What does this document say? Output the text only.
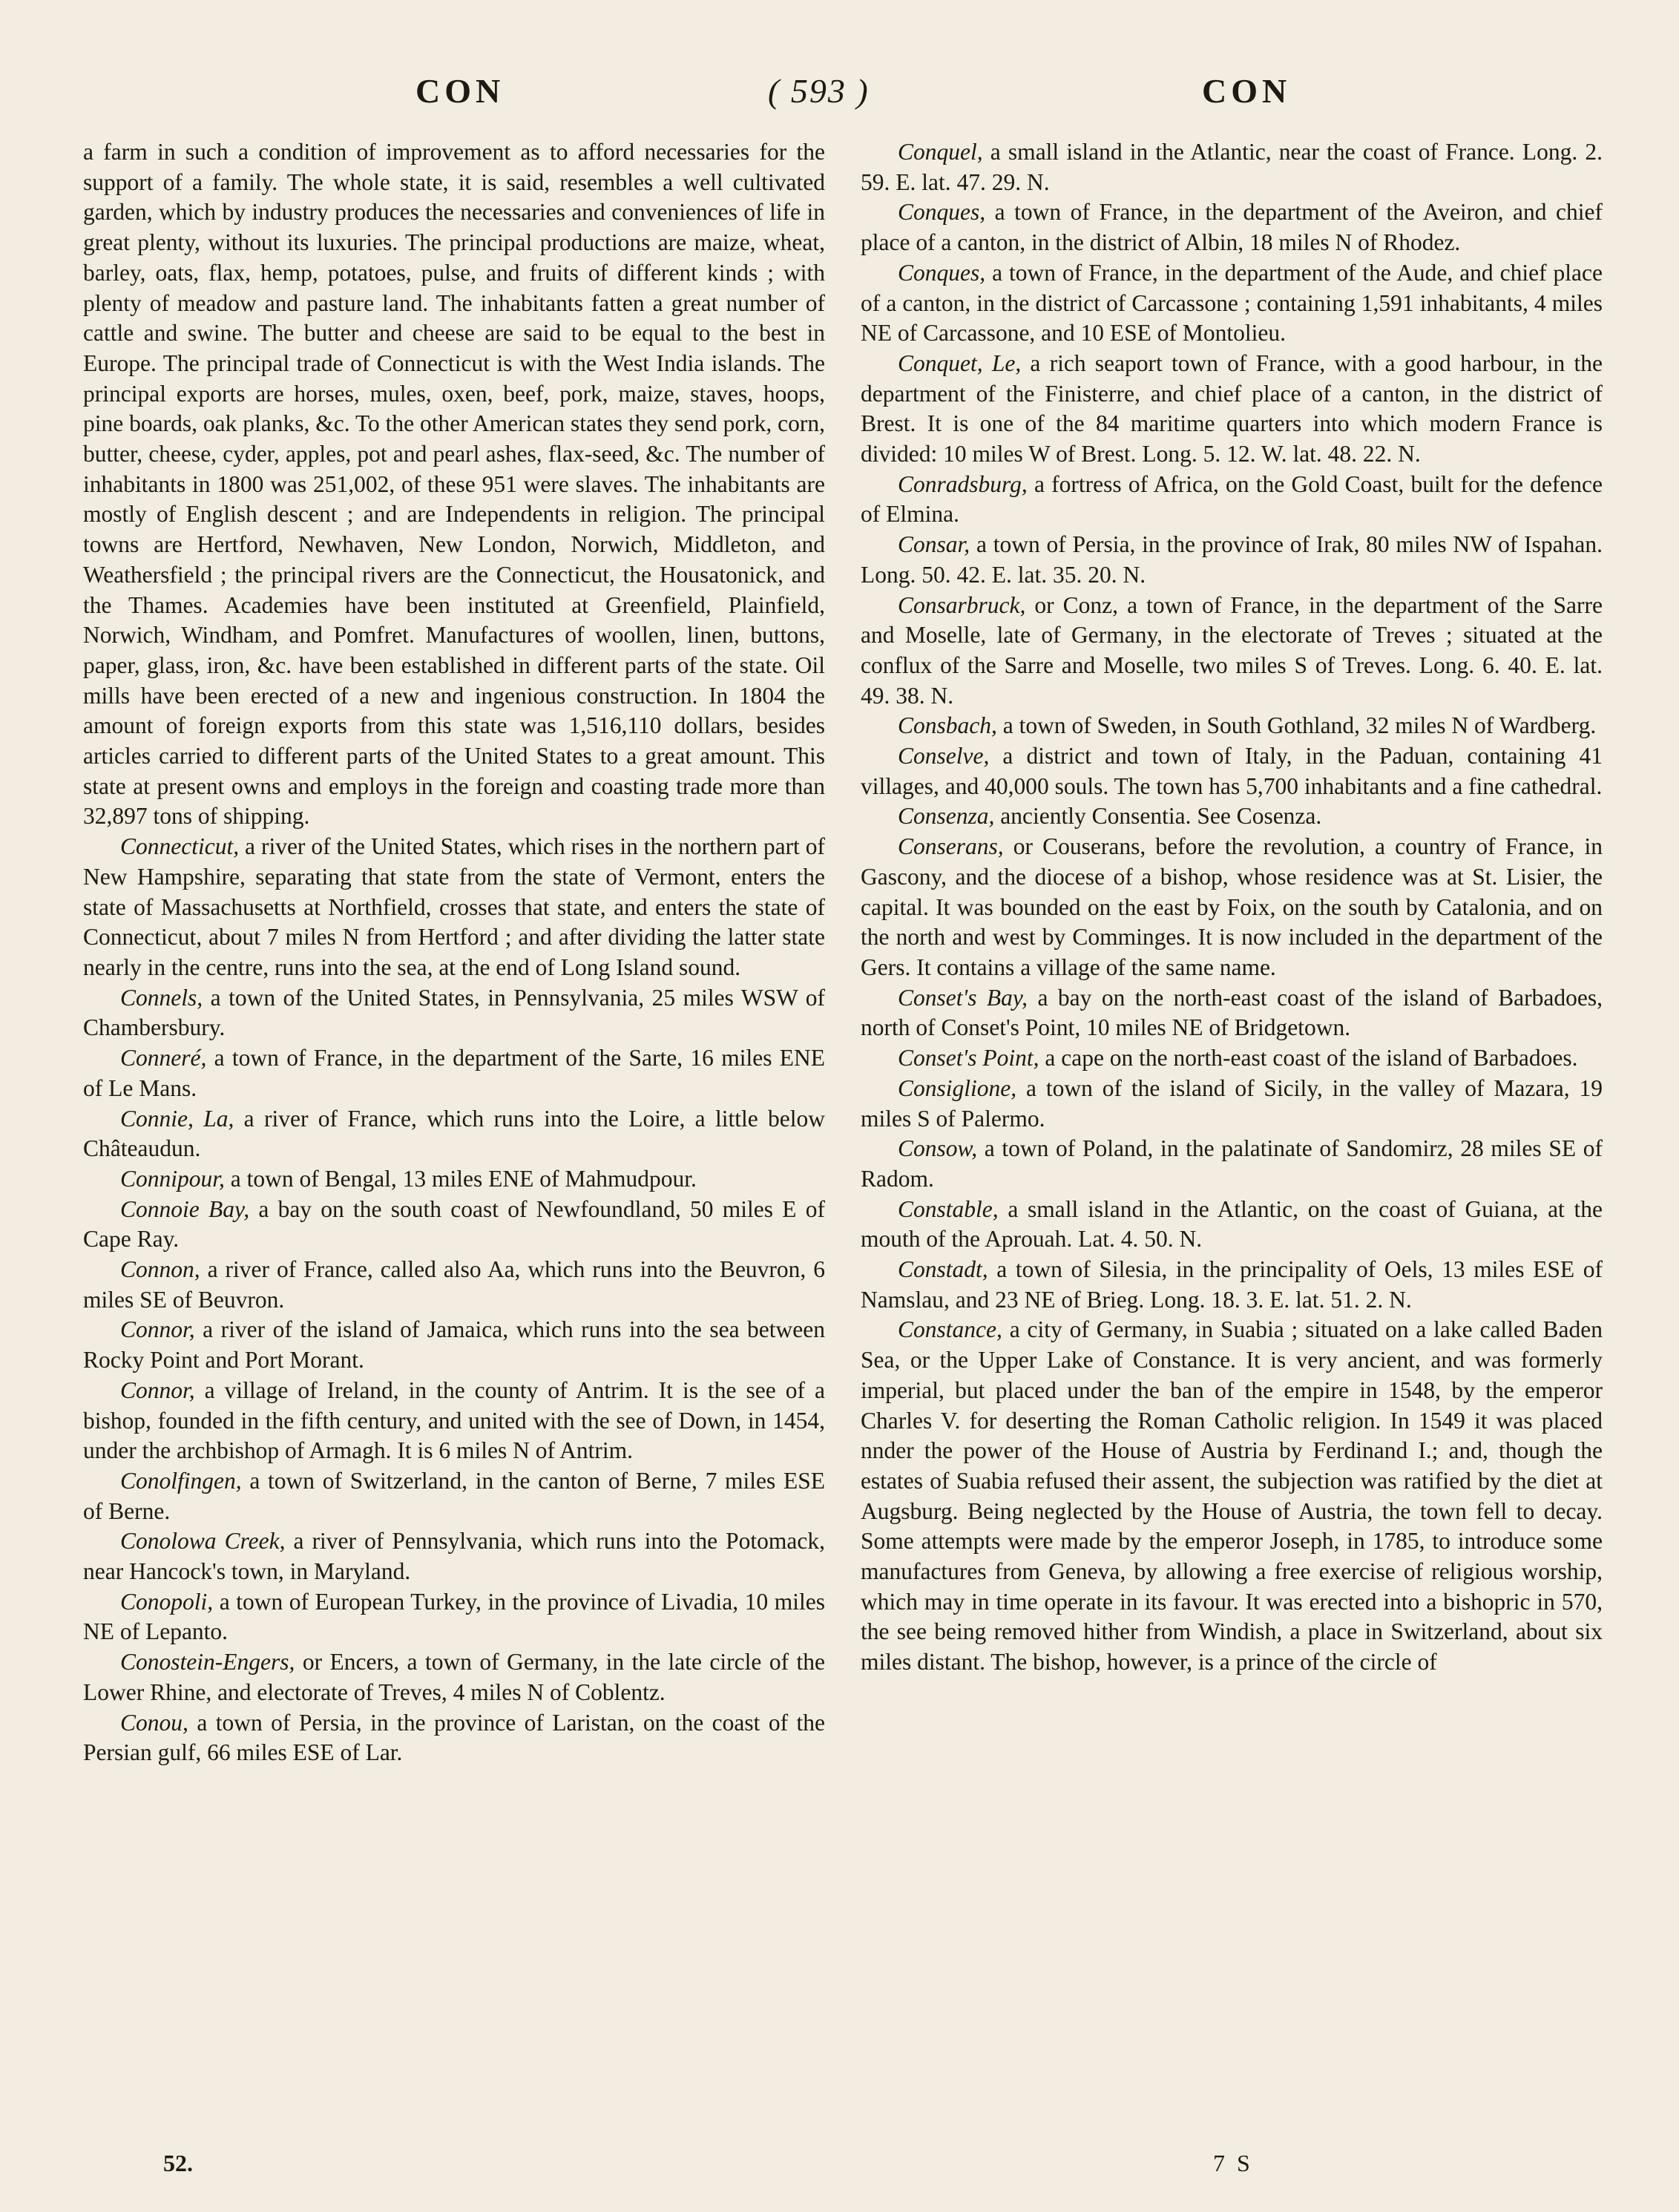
CON	( 593 )	CON

a farm in such a condition of improvement as to afford necessaries for the support of a family. The whole state, it is said, resembles a well cultivated garden, which by industry produces the necessaries and conveniences of life in great plenty, without its luxuries. The principal productions are maize, wheat, barley, oats, flax, hemp, potatoes, pulse, and fruits of different kinds ; with plenty of meadow and pasture land. The inhabitants fatten a great number of cattle and swine. The butter and cheese are said to be equal to the best in Europe. The principal trade of Connecticut is with the West India islands. The principal exports are horses, mules, oxen, beef, pork, maize, staves, hoops, pine boards, oak planks, &c. To the other American states they send pork, corn, butter, cheese, cyder, apples, pot and pearl ashes, flax-seed, &c. The number of inhabitants in 1800 was 251,002, of these 951 were slaves. The inhabitants are mostly of English descent ; and are Independents in religion. The principal towns are Hertford, Newhaven, New London, Norwich, Middleton, and Weathersfield ; the principal rivers are the Connecticut, the Housatonick, and the Thames. Academies have been instituted at Greenfield, Plainfield, Norwich, Windham, and Pomfret. Manufactures of woollen, linen, buttons, paper, glass, iron, &c. have been established in different parts of the state. Oil mills have been erected of a new and ingenious construction. In 1804 the amount of foreign exports from this state was 1,516,110 dollars, besides articles carried to different parts of the United States to a great amount. This state at present owns and employs in the foreign and coasting trade more than 32,897 tons of shipping.

Connecticut, a river of the United States, which rises in the northern part of New Hampshire, separating that state from the state of Vermont, enters the state of Massachusetts at Northfield, crosses that state, and enters the state of Connecticut, about 7 miles N from Hertford ; and after dividing the latter state nearly in the centre, runs into the sea, at the end of Long Island sound.

Connels, a town of the United States, in Pennsylvania, 25 miles WSW of Chambersbury.

Conneré, a town of France, in the department of the Sarte, 16 miles ENE of Le Mans.

Connie, La, a river of France, which runs into the Loire, a little below Châteaudun.

Connipour, a town of Bengal, 13 miles ENE of Mahmudpour.

Connoie Bay, a bay on the south coast of Newfoundland, 50 miles E of Cape Ray.

Connon, a river of France, called also Aa, which runs into the Beuvron, 6 miles SE of Beuvron.

Connor, a river of the island of Jamaica, which runs into the sea between Rocky Point and Port Morant.

Connor, a village of Ireland, in the county of Antrim. It is the see of a bishop, founded in the fifth century, and united with the see of Down, in 1454, under the archbishop of Armagh. It is 6 miles N of Antrim.

Conolfingen, a town of Switzerland, in the canton of Berne, 7 miles ESE of Berne.

Conolowa Creek, a river of Pennsylvania, which runs into the Potomack, near Hancock's town, in Maryland.

Conopoli, a town of European Turkey, in the province of Livadia, 10 miles NE of Lepanto.

Conostein-Engers, or Encers, a town of Germany, in the late circle of the Lower Rhine, and electorate of Treves, 4 miles N of Coblentz.

Conou, a town of Persia, in the province of Laristan, on the coast of the Persian gulf, 66 miles ESE of Lar.

Conquel, a small island in the Atlantic, near the coast of France. Long. 2. 59. E. lat. 47. 29. N.

Conques, a town of France, in the department of the Aveiron, and chief place of a canton, in the district of Albin, 18 miles N of Rhodez.

Conques, a town of France, in the department of the Aude, and chief place of a canton, in the district of Carcassone ; containing 1,591 inhabitants, 4 miles NE of Carcassone, and 10 ESE of Montolieu.

Conquet, Le, a rich seaport town of France, with a good harbour, in the department of the Finisterre, and chief place of a canton, in the district of Brest. It is one of the 84 maritime quarters into which modern France is divided: 10 miles W of Brest. Long. 5. 12. W. lat. 48. 22. N.

Conradsburg, a fortress of Africa, on the Gold Coast, built for the defence of Elmina.

Consar, a town of Persia, in the province of Irak, 80 miles NW of Ispahan. Long. 50. 42. E. lat. 35. 20. N.

Consarbruck, or Conz, a town of France, in the department of the Sarre and Moselle, late of Germany, in the electorate of Treves ; situated at the conflux of the Sarre and Moselle, two miles S of Treves. Long. 6. 40. E. lat. 49. 38. N.

Consbach, a town of Sweden, in South Gothland, 32 miles N of Wardberg.

Conselve, a district and town of Italy, in the Paduan, containing 41 villages, and 40,000 souls. The town has 5,700 inhabitants and a fine cathedral.

Consenza, anciently Consentia. See Cosenza.

Conserans, or Couserans, before the revolution, a country of France, in Gascony, and the diocese of a bishop, whose residence was at St. Lisier, the capital. It was bounded on the east by Foix, on the south by Catalonia, and on the north and west by Comminges. It is now included in the department of the Gers. It contains a village of the same name.

Conset's Bay, a bay on the north-east coast of the island of Barbadoes, north of Conset's Point, 10 miles NE of Bridgetown.

Conset's Point, a cape on the north-east coast of the island of Barbadoes.

Consiglione, a town of the island of Sicily, in the valley of Mazara, 19 miles S of Palermo.

Consow, a town of Poland, in the palatinate of Sandomirz, 28 miles SE of Radom.

Constable, a small island in the Atlantic, on the coast of Guiana, at the mouth of the Aprouah. Lat. 4. 50. N.

Constadt, a town of Silesia, in the principality of Oels, 13 miles ESE of Namslau, and 23 NE of Brieg. Long. 18. 3. E. lat. 51. 2. N.

Constance, a city of Germany, in Suabia ; situated on a lake called Baden Sea, or the Upper Lake of Constance. It is very ancient, and was formerly imperial, but placed under the ban of the empire in 1548, by the emperor Charles V. for deserting the Roman Catholic religion. In 1549 it was placed nnder the power of the House of Austria by Ferdinand I.; and, though the estates of Suabia refused their assent, the subjection was ratified by the diet at Augsburg. Being neglected by the House of Austria, the town fell to decay. Some attempts were made by the emperor Joseph, in 1785, to introduce some manufactures from Geneva, by allowing a free exercise of religious worship, which may in time operate in its favour. It was erected into a bishopric in 570, the see being removed hither from Windish, a place in Switzerland, about six miles distant. The bishop, however, is a prince of the circle of

52.	7 S
